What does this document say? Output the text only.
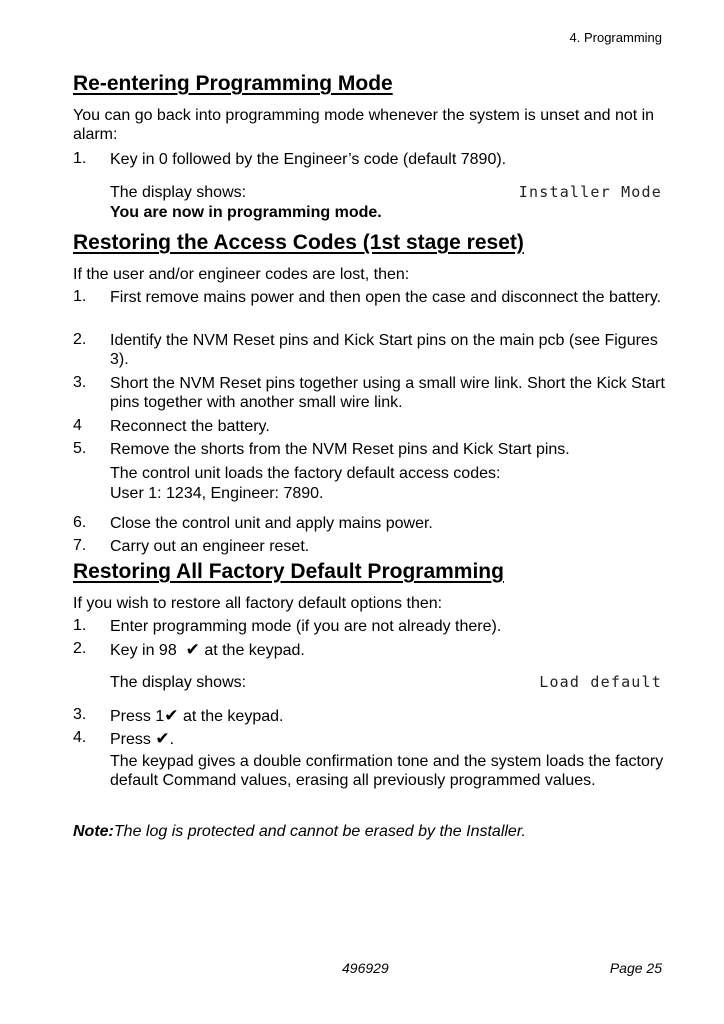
4. Programming
Re-entering Programming Mode
You can go back into programming mode whenever the system is unset and not in alarm:
1. Key in 0 followed by the Engineer’s code (default 7890).
The display shows:	Installer Mode
You are now in programming mode.
Restoring the Access Codes (1st stage reset)
If the user and/or engineer codes are lost, then:
1. First remove mains power and then open the case and disconnect the battery.
2. Identify the NVM Reset pins and Kick Start pins on the main pcb (see Figures 3).
3. Short the NVM Reset pins together using a small wire link. Short the Kick Start pins together with another small wire link.
4 Reconnect the battery.
5. Remove the shorts from the NVM Reset pins and Kick Start pins.
The control unit loads the factory default access codes:
User 1: 1234, Engineer: 7890.
6. Close the control unit and apply mains power.
7. Carry out an engineer reset.
Restoring All Factory Default Programming
If you wish to restore all factory default options then:
1. Enter programming mode (if you are not already there).
2. Key in 98 ✔ at the keypad.
The display shows:	Load default
3. Press 1✔ at the keypad.
4. Press ✔.
The keypad gives a double confirmation tone and the system loads the factory default Command values, erasing all previously programmed values.
Note:The log is protected and cannot be erased by the Installer.
496929	Page 25
